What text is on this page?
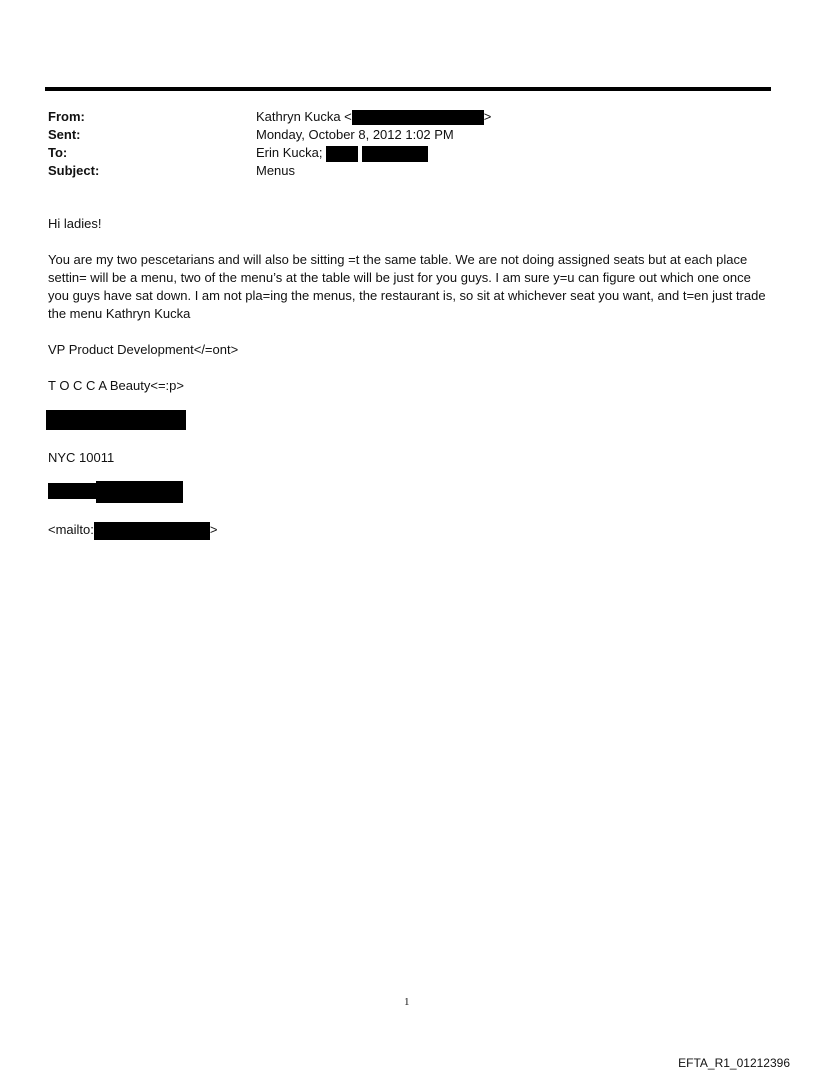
From:	Kathryn Kucka <	>
Sent:	Monday, October 8, 2012 1:02 PM
To:	Erin Kucka;
Subject:	Menus
Hi ladies!
You are my two pescetarians and will also be sitting =t the same table. We are not doing assigned seats but at each place settin= will be a menu, two of the menu’s at the table will be just for you guys. I am sure y=u can figure out which one once you guys have sat down. I am not pla=ing the menus, the restaurant is, so sit at whichever seat you want, and t=en just trade the menu Kathryn Kucka
VP Product Development</=ont>
T O C C A Beauty<=:p>
NYC 10011
<mailto:	>
1
EFTA_R1_01212396
